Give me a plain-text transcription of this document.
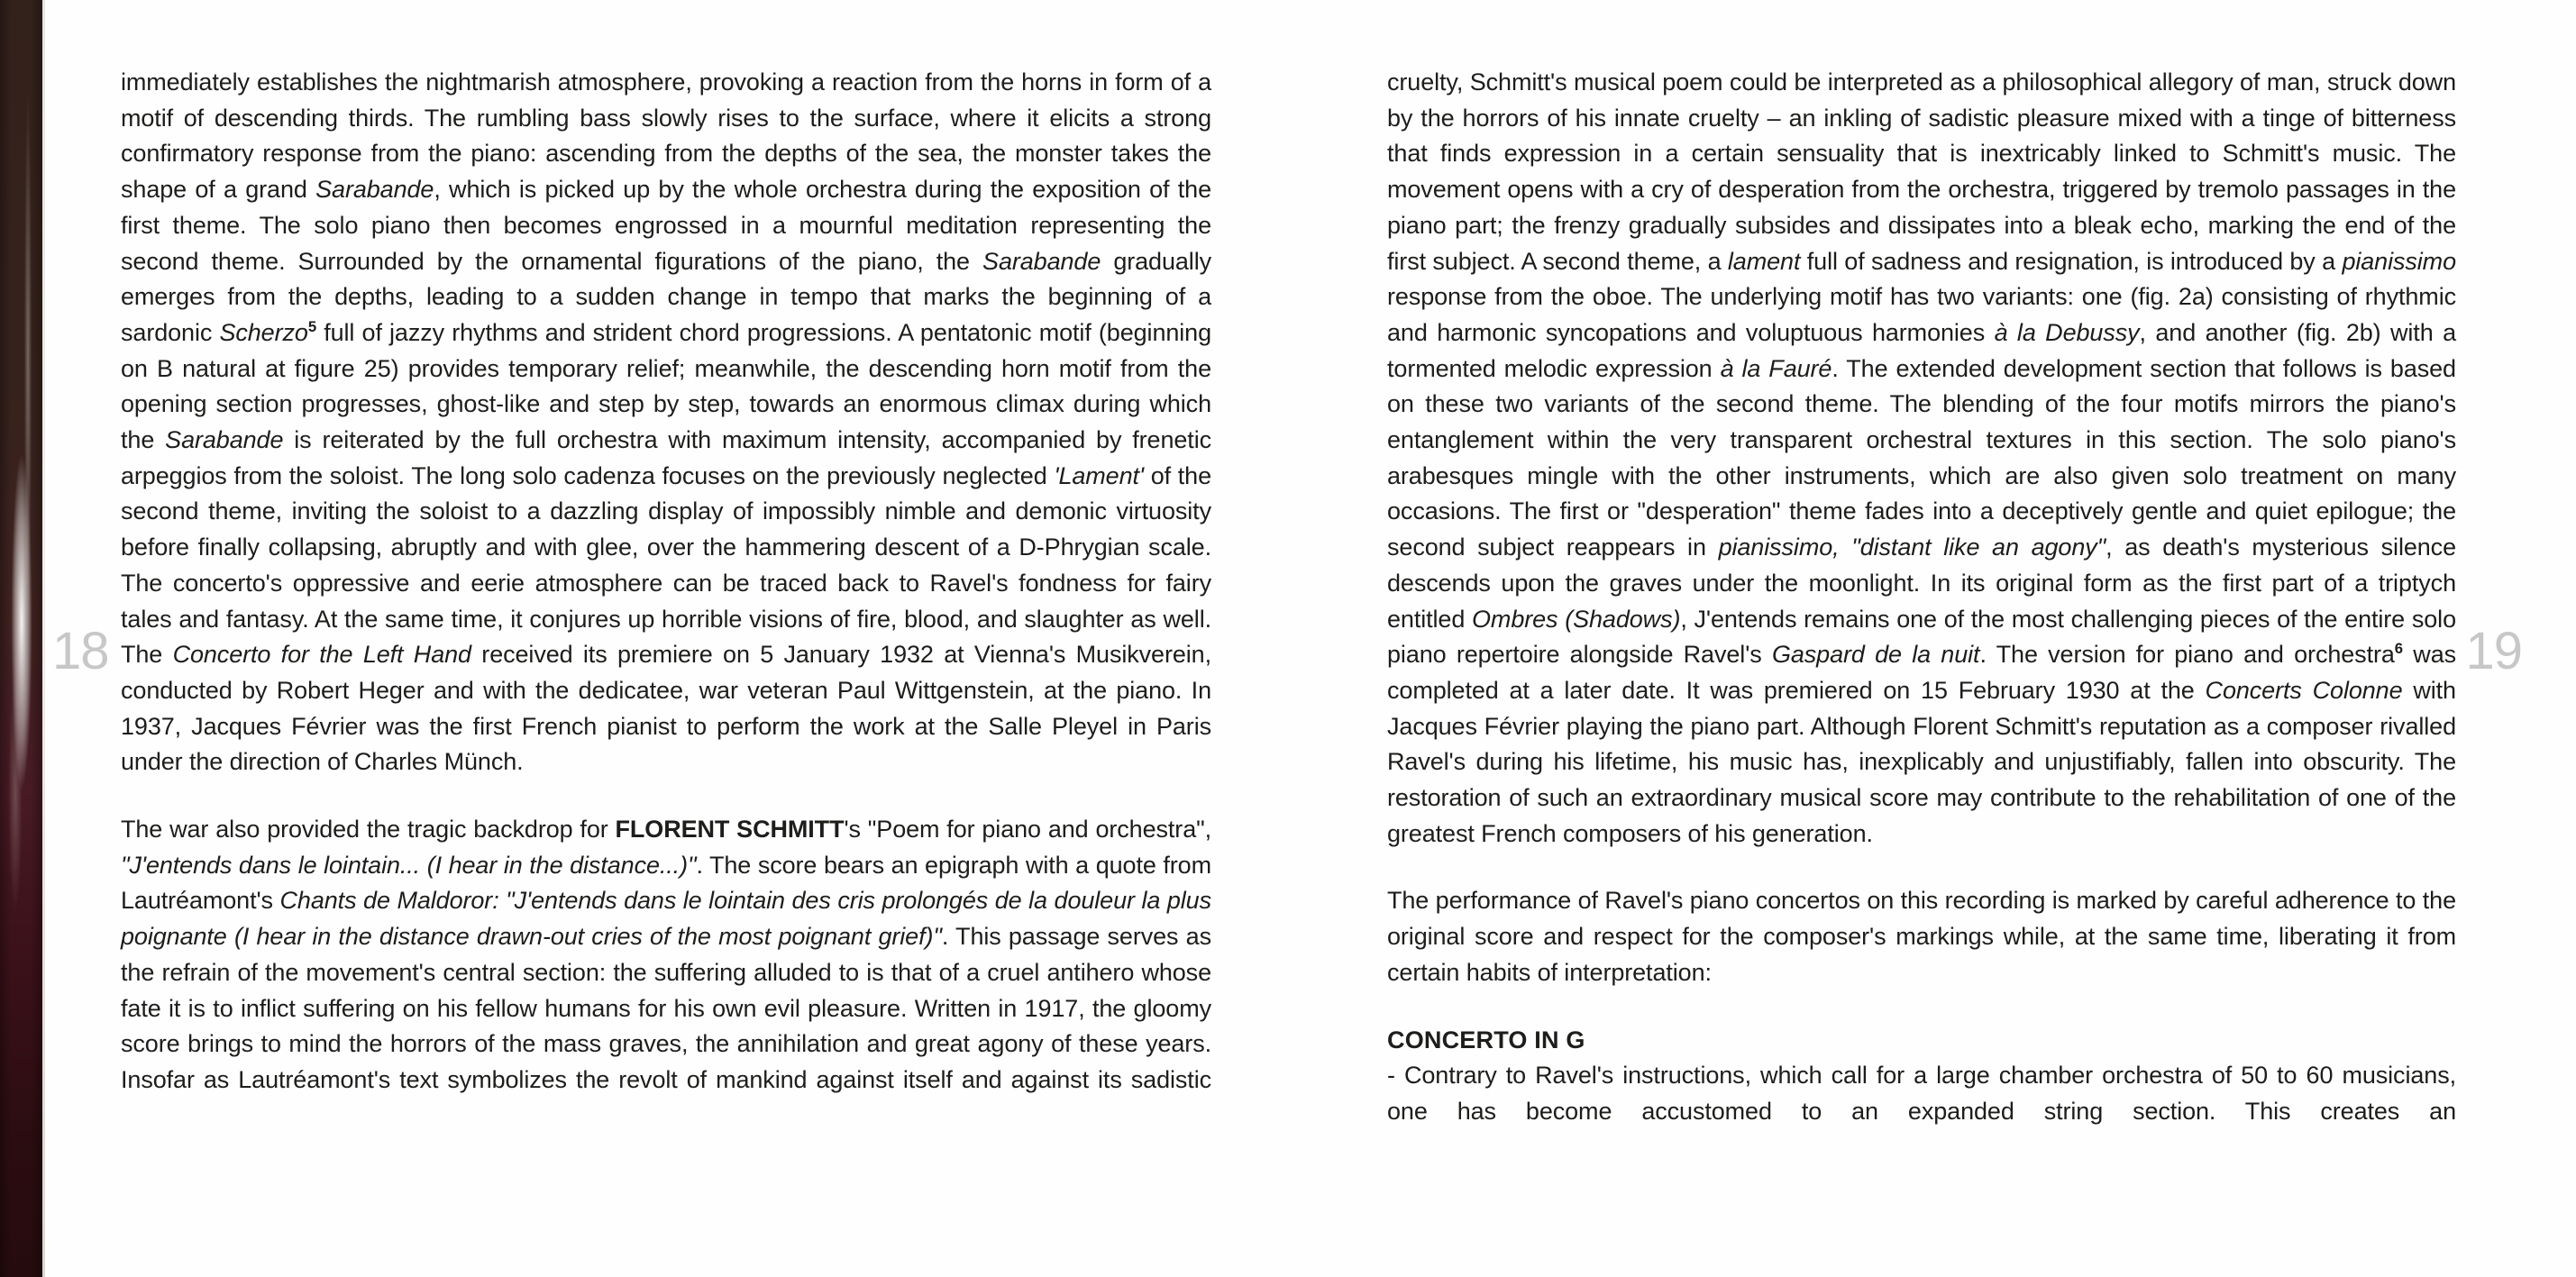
18	19

immediately establishes the nightmarish atmosphere, provoking a reaction from the horns in form of a motif of descending thirds. The rumbling bass slowly rises to the surface, where it elicits a strong confirmatory response from the piano: ascending from the depths of the sea, the monster takes the shape of a grand Sarabande, which is picked up by the whole orchestra during the exposition of the first theme. The solo piano then becomes engrossed in a mournful meditation representing the second theme. Surrounded by the ornamental figurations of the piano, the Sarabande gradually emerges from the depths, leading to a sudden change in tempo that marks the beginning of a sardonic Scherzo$^5$ full of jazzy rhythms and strident chord progressions. A pentatonic motif (beginning on B natural at figure 25) provides temporary relief; meanwhile, the descending horn motif from the opening section progresses, ghost-like and step by step, towards an enormous climax during which the Sarabande is reiterated by the full orchestra with maximum intensity, accompanied by frenetic arpeggios from the soloist. The long solo cadenza focuses on the previously neglected 'Lament' of the second theme, inviting the soloist to a dazzling display of impossibly nimble and demonic virtuosity before finally collapsing, abruptly and with glee, over the hammering descent of a D-Phrygian scale. The concerto's oppressive and eerie atmosphere can be traced back to Ravel's fondness for fairy tales and fantasy. At the same time, it conjures up horrible visions of fire, blood, and slaughter as well. The Concerto for the Left Hand received its premiere on 5 January 1932 at Vienna's Musikverein, conducted by Robert Heger and with the dedicatee, war veteran Paul Wittgenstein, at the piano. In 1937, Jacques Février was the first French pianist to perform the work at the Salle Pleyel in Paris under the direction of Charles Münch.

The war also provided the tragic backdrop for FLORENT SCHMITT's "Poem for piano and orchestra", "J'entends dans le lointain... (I hear in the distance...)". The score bears an epigraph with a quote from Lautréamont's Chants de Maldoror: "J'entends dans le lointain des cris prolongés de la douleur la plus poignante (I hear in the distance drawn-out cries of the most poignant grief)". This passage serves as the refrain of the movement's central section: the suffering alluded to is that of a cruel antihero whose fate it is to inflict suffering on his fellow humans for his own evil pleasure. Written in 1917, the gloomy score brings to mind the horrors of the mass graves, the annihilation and great agony of these years. Insofar as Lautréamont's text symbolizes the revolt of mankind against itself and against its sadistic

cruelty, Schmitt's musical poem could be interpreted as a philosophical allegory of man, struck down by the horrors of his innate cruelty – an inkling of sadistic pleasure mixed with a tinge of bitterness that finds expression in a certain sensuality that is inextricably linked to Schmitt's music. The movement opens with a cry of desperation from the orchestra, triggered by tremolo passages in the piano part; the frenzy gradually subsides and dissipates into a bleak echo, marking the end of the first subject. A second theme, a lament full of sadness and resignation, is introduced by a pianissimo response from the oboe. The underlying motif has two variants: one (fig. 2a) consisting of rhythmic and harmonic syncopations and voluptuous harmonies à la Debussy, and another (fig. 2b) with a tormented melodic expression à la Fauré. The extended development section that follows is based on these two variants of the second theme. The blending of the four motifs mirrors the piano's entanglement within the very transparent orchestral textures in this section. The solo piano's arabesques mingle with the other instruments, which are also given solo treatment on many occasions. The first or "desperation" theme fades into a deceptively gentle and quiet epilogue; the second subject reappears in pianissimo, "distant like an agony", as death's mysterious silence descends upon the graves under the moonlight. In its original form as the first part of a triptych entitled Ombres (Shadows), J'entends remains one of the most challenging pieces of the entire solo piano repertoire alongside Ravel's Gaspard de la nuit. The version for piano and orchestra$^6$ was completed at a later date. It was premiered on 15 February 1930 at the Concerts Colonne with Jacques Février playing the piano part. Although Florent Schmitt's reputation as a composer rivalled Ravel's during his lifetime, his music has, inexplicably and unjustifiably, fallen into obscurity. The restoration of such an extraordinary musical score may contribute to the rehabilitation of one of the greatest French composers of his generation.

The performance of Ravel's piano concertos on this recording is marked by careful adherence to the original score and respect for the composer's markings while, at the same time, liberating it from certain habits of interpretation:

CONCERTO IN G

- Contrary to Ravel's instructions, which call for a large chamber orchestra of 50 to 60 musicians, one has become accustomed to an expanded string section. This creates an
